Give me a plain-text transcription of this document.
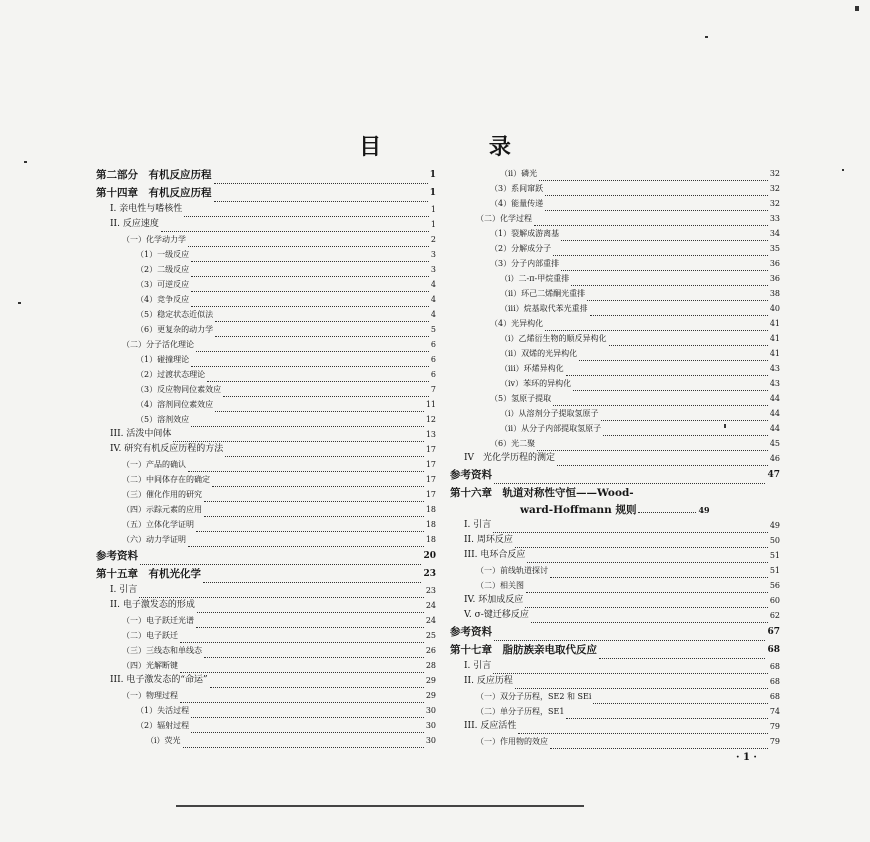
目 录
第二部分　有机反应历程	1
第十四章　有机反应历程	1
I. 亲电性与嗜核性	1
II. 反应速度	1
（一）化学动力学	2
（1）一级反应	3
（2）二级反应	3
（3）可逆反应	4
（4）竞争反应	4
（5）稳定状态近似法	4
（6）更复杂的动力学	5
（二）分子活化理论	6
（1）碰撞理论	6
（2）过渡状态理论	6
（3）反应物同位素效应	7
（4）溶剂同位素效应	11
（5）溶剂效应	12
III. 活泼中间体	13
IV. 研究有机反应历程的方法	17
（一）产品的确认	17
（二）中间体存在的确定	17
（三）催化作用的研究	17
（四）示踪元素的应用	18
（五）立体化学证明	18
（六）动力学证明	18
参考资料	20
第十五章　有机光化学	23
I. 引言	23
II. 电子激发态的形成	24
（一）电子跃迁光谱	24
（二）电子跃迁	25
（三）三线态和单线态	26
（四）光解断键	28
III. 电子激发态的“命运”	29
（一）物理过程	29
（1）失活过程	30
（2）辐射过程	30
（i）荧光	30
（ii）磷光	32
（3）系间窜跃	32
（4）能量传递	32
（二）化学过程	33
（1）裂解成游离基	34
（2）分解成分子	35
（3）分子内部重排	36
（i）二-π-甲烷重排	36
（ii）环己二烯酮光重排	38
（iii）烷基取代苯光重排	40
（4）光异构化	41
（i）乙烯衍生物的顺反异构化	41
（ii）双烯的光异构化	41
（iii）环烯异构化	43
（iv）苯环的异构化	43
（5）氢原子提取	44
（i）从溶剂分子提取氢原子	44
（ii）从分子内部提取氢原子	44
（6）光二聚	45
IV　光化学历程的测定	46
参考资料	47
第十六章　轨道对称性守恒——Wood-
ward-Hoffmann 规则	49
I. 引言	49
II. 周环反应	50
III. 电环合反应	51
（一）前线轨道探讨	51
（二）相关图	56
IV. 环加成反应	60
V. σ-键迁移反应	62
参考资料	67
第十七章　脂肪族亲电取代反应	68
I. 引言	68
II. 反应历程	68
（一）双分子历程，SE2 和 SEi	68
（二）单分子历程，SE1	74
III. 反应活性	79
（一）作用物的效应	79
· 1 ·
